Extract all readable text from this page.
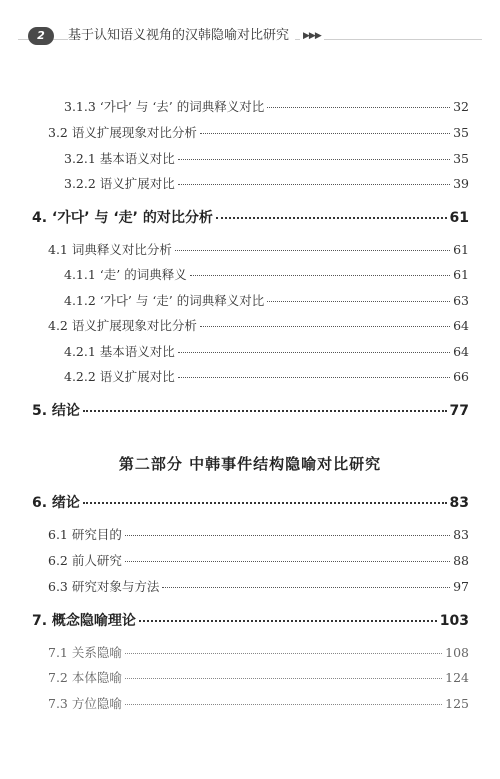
2	基于认知语义视角的汉韩隐喻对比研究	▶▶▶
3.1.3 ‘가다’ 与 ‘去’ 的词典释义对比	32
3.2 语义扩展现象对比分析	35
3.2.1 基本语义对比	35
3.2.2 语义扩展对比	39
4. ‘가다’ 与 ‘走’ 的对比分析	61
4.1 词典释义对比分析	61
4.1.1 ‘走’ 的词典释义	61
4.1.2 ‘가다’ 与 ‘走’ 的词典释义对比	63
4.2 语义扩展现象对比分析	64
4.2.1 基本语义对比	64
4.2.2 语义扩展对比	66
5. 结论	77
第二部分 中韩事件结构隐喻对比研究
6. 绪论	83
6.1 研究目的	83
6.2 前人研究	88
6.3 研究对象与方法	97
7. 概念隐喻理论	103
7.1 关系隐喻	108
7.2 本体隐喻	124
7.3 方位隐喻	125
